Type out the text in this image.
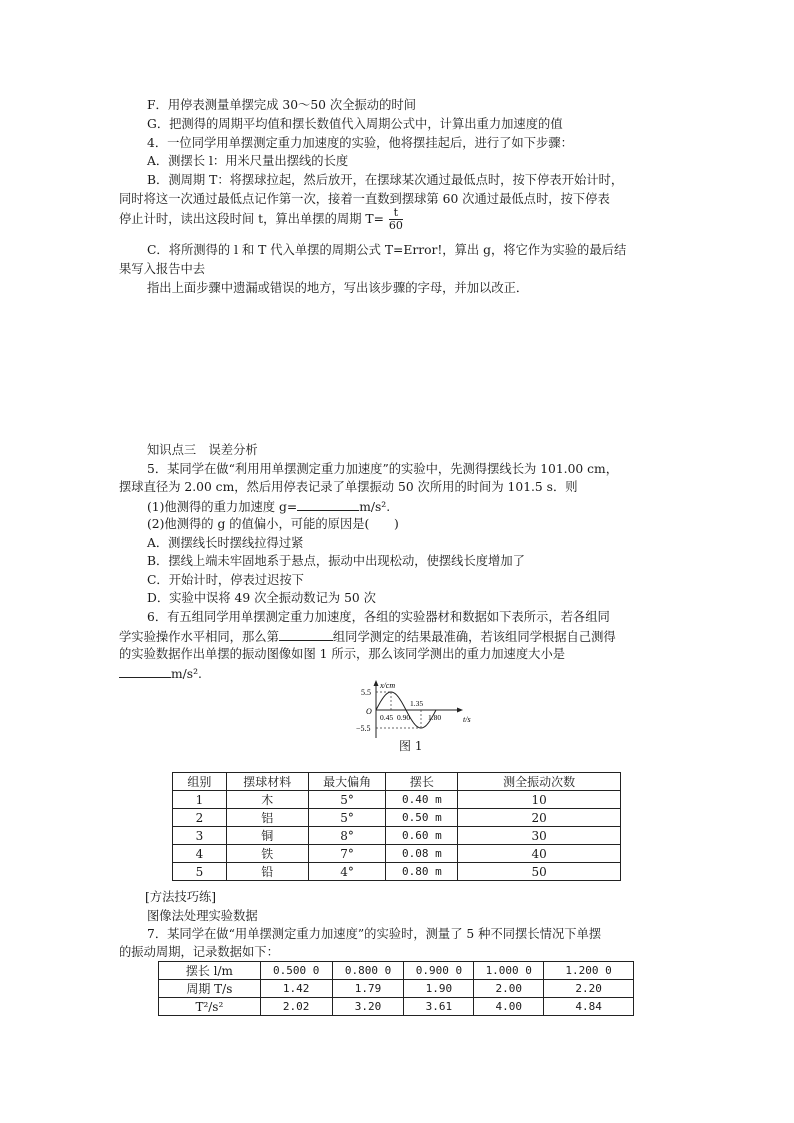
F．用停表测量单摆完成 30～50 次全振动的时间
G．把测得的周期平均值和摆长数值代入周期公式中，计算出重力加速度的值
4．一位同学用单摆测定重力加速度的实验，他将摆挂起后，进行了如下步骤：
A．测摆长 l：用米尺量出摆线的长度
B．测周期 T：将摆球拉起，然后放开，在摆球某次通过最低点时，按下停表开始计时，
同时将这一次通过最低点记作第一次，接着一直数到摆球第 60 次通过最低点时，按下停表
停止计时，读出这段时间 t，算出单摆的周期 $T= \frac{t}{60}$
C．将所测得的 l 和 T 代入单摆的周期公式 T=Error!，算出 g，将它作为实验的最后结
果写入报告中去
指出上面步骤中遗漏或错误的地方，写出该步骤的字母，并加以改正．
知识点三　误差分析
5．某同学在做“利用用单摆测定重力加速度”的实验中，先测得摆线长为 101.00 cm，
摆球直径为 2.00 cm，然后用停表记录了单摆振动 50 次所用的时间为 101.5 s．则
(1)他测得的重力加速度 g=	m/s².
(2)他测得的 g 的值偏小，可能的原因是(　　)
A．测摆线长时摆线拉得过紧
B．摆线上端未牢固地系于悬点，振动中出现松动，使摆线长度增加了
C．开始计时，停表过迟按下
D．实验中误将 49 次全振动数记为 50 次
6．有五组同学用单摆测定重力加速度，各组的实验器材和数据如下表所示，若各组同
学实验操作水平相同，那么第	组同学测定的结果最准确，若该组同学根据自己测得
的实验数据作出单摆的振动图像如图 1 所示，那么该同学测出的重力加速度大小是
m/s².
x/cm
t/s
O
5.5
−5.5
0.45 0.90
1.35
1.80
图 1
组别	摆球材料	最大偏角	摆长	测全振动次数
1	木	5°	0.40 m	10
2	铝	5°	0.50 m	20
3	铜	8°	0.60 m	30
4	铁	7°	0.08 m	40
5	铅	4°	0.80 m	50
[方法技巧练]
图像法处理实验数据
7．某同学在做“用单摆测定重力加速度”的实验时，测量了 5 种不同摆长情况下单摆
的振动周期，记录数据如下：
摆长 l/m	0.500 0	0.800 0	0.900 0	1.000 0	1.200 0
周期 T/s	1.42	1.79	1.90	2.00	2.20
T²/s²	2.02	3.20	3.61	4.00	4.84
